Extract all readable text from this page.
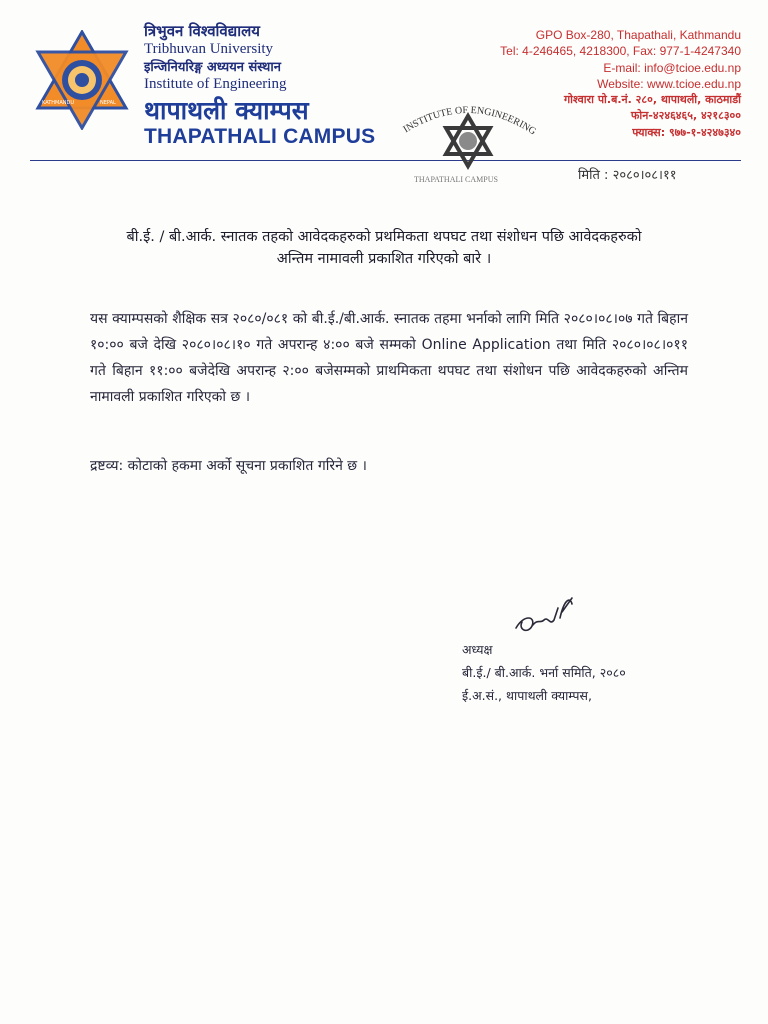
KATHMANDU	NEPAL
त्रिभुवन विश्वविद्यालय
Tribhuvan University
इन्जिनियरिङ्ग अध्ययन संस्थान
Institute of Engineering
थापाथली क्याम्पस
THAPATHALI CAMPUS
GPO Box-280, Thapathali, Kathmandu
Tel: 4-246465, 4218300, Fax: 977-1-4247340
E-mail: info@tcioe.edu.np
Website: www.tcioe.edu.np
गोश्वारा पो.ब.नं. २८०, थापाथली, काठमाडौं
फोन-४२४६४६५, ४२१८३००
फ्याक्स: ९७७-१-४२४७३४०
INSTITUTE OF ENGINEERING
THAPATHALI CAMPUS	मिति : २०८०।०८।११
बी.ई. / बी.आर्क. स्नातक तहको आवेदकहरुको प्रथमिकता थपघट तथा संशोधन पछि आवेदकहरुको
अन्तिम नामावली प्रकाशित गरिएको बारे ।
यस क्याम्पसको शैक्षिक सत्र २०८०/०८१ को बी.ई./बी.आर्क. स्नातक तहमा भर्नाको लागि मिति २०८०।०८।०७ गते बिहान १०:०० बजे देखि २०८०।०८।१० गते अपरान्ह ४:०० बजे सम्मको Online Application तथा मिति २०८०।०८।०११ गते बिहान ११:०० बजेदेखि अपरान्ह २:०० बजेसम्मको प्राथमिकता थपघट तथा संशोधन पछि आवेदकहरुको अन्तिम नामावली प्रकाशित गरिएको छ ।
द्रष्टव्य: कोटाको हकमा अर्को सूचना प्रकाशित गरिने छ ।
अध्यक्ष
बी.ई./ बी.आर्क. भर्ना समिति, २०८०
ई.अ.सं., थापाथली क्याम्पस,
